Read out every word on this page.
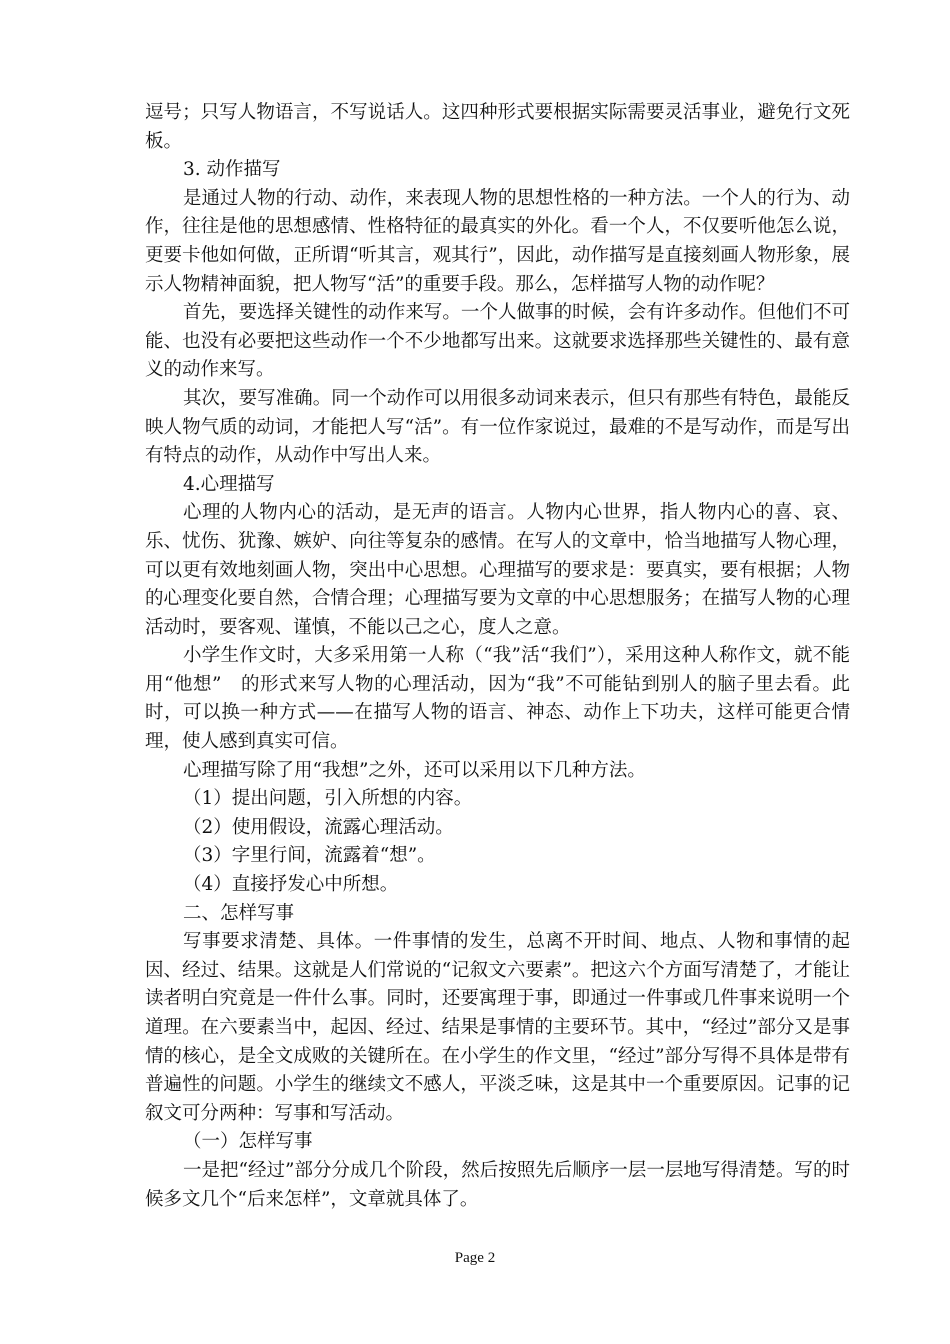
逗号；只写人物语言，不写说话人。这四种形式要根据实际需要灵活事业，避免行文死板。

3. 动作描写

是通过人物的行动、动作，来表现人物的思想性格的一种方法。一个人的行为、动作，往往是他的思想感情、性格特征的最真实的外化。看一个人，不仅要听他怎么说，更要卡他如何做，正所谓“听其言，观其行”，因此，动作描写是直接刻画人物形象，展示人物精神面貌，把人物写“活”的重要手段。那么，怎样描写人物的动作呢？

首先，要选择关键性的动作来写。一个人做事的时候，会有许多动作。但他们不可能、也没有必要把这些动作一个不少地都写出来。这就要求选择那些关键性的、最有意义的动作来写。

其次，要写准确。同一个动作可以用很多动词来表示，但只有那些有特色，最能反映人物气质的动词，才能把人写“活”。有一位作家说过，最难的不是写动作，而是写出有特点的动作，从动作中写出人来。

4.心理描写

心理的人物内心的活动，是无声的语言。人物内心世界，指人物内心的喜、哀、乐、忧伤、犹豫、嫉妒、向往等复杂的感情。在写人的文章中，恰当地描写人物心理，可以更有效地刻画人物，突出中心思想。心理描写的要求是：要真实，要有根据；人物的心理变化要自然，合情合理；心理描写要为文章的中心思想服务；在描写人物的心理活动时，要客观、谨慎，不能以己之心，度人之意。

小学生作文时，大多采用第一人称（“我”活“我们”），采用这种人称作文，就不能用“他想”　的形式来写人物的心理活动，因为“我”不可能钻到别人的脑子里去看。此时，可以换一种方式——在描写人物的语言、神态、动作上下功夫，这样可能更合情理，使人感到真实可信。

心理描写除了用“我想”之外，还可以采用以下几种方法。

（1）提出问题，引入所想的内容。

（2）使用假设，流露心理活动。

（3）字里行间，流露着“想”。

（4）直接抒发心中所想。

二、怎样写事

写事要求清楚、具体。一件事情的发生，总离不开时间、地点、人物和事情的起因、经过、结果。这就是人们常说的“记叙文六要素”。把这六个方面写清楚了，才能让读者明白究竟是一件什么事。同时，还要寓理于事，即通过一件事或几件事来说明一个道理。在六要素当中，起因、经过、结果是事情的主要环节。其中，“经过”部分又是事情的核心，是全文成败的关键所在。在小学生的作文里，“经过”部分写得不具体是带有普遍性的问题。小学生的继续文不感人，平淡乏味，这是其中一个重要原因。记事的记叙文可分两种：写事和写活动。

（一）怎样写事

一是把“经过”部分分成几个阶段，然后按照先后顺序一层一层地写得清楚。写的时候多文几个“后来怎样”，文章就具体了。

Page 2
